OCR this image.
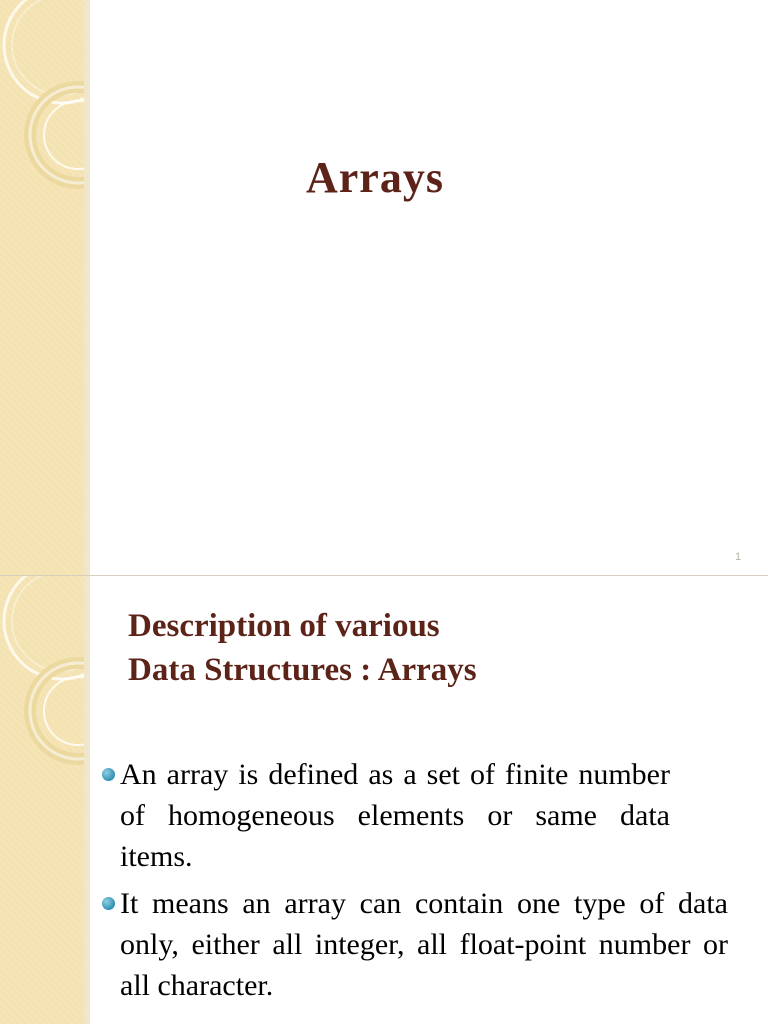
Arrays
1
Description of various
Data Structures : Arrays
An array is defined as a set of finite number of homogeneous elements or same data items.
It means an array can contain one type of data only, either all integer, all float-point number or all character.
